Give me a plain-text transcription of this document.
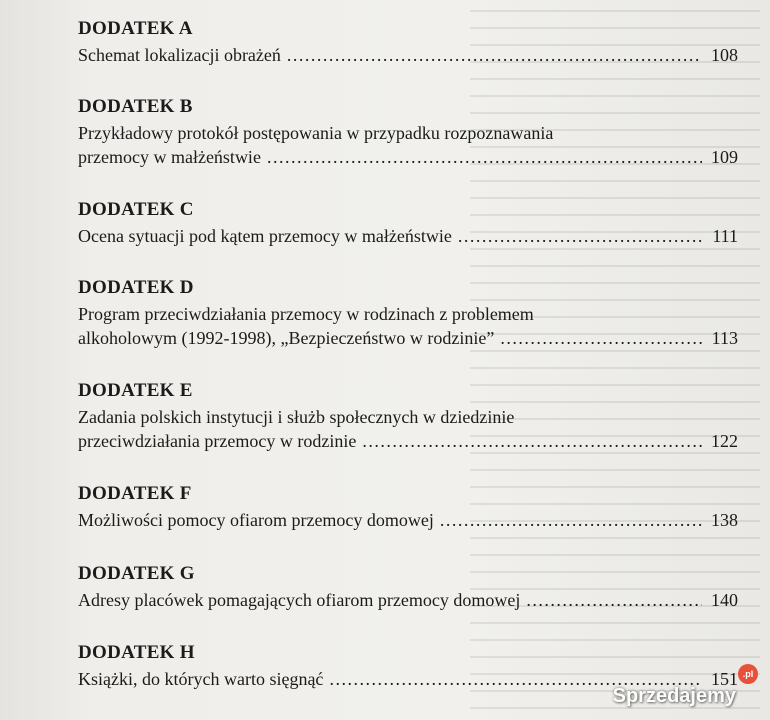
DODATEK A
Schemat lokalizacji obrażeń .....	108
DODATEK B
Przykładowy protokół postępowania w przypadku rozpoznawania
przemocy w małżeństwie .....	109
DODATEK C
Ocena sytuacji pod kątem przemocy w małżeństwie .....	111
DODATEK D
Program przeciwdziałania przemocy w rodzinach z problemem
alkoholowym (1992-1998), „Bezpieczeństwo w rodzinie” .....	113
DODATEK E
Zadania polskich instytucji i służb społecznych w dziedzinie
przeciwdziałania przemocy w rodzinie .....	122
DODATEK F
Możliwości pomocy ofiarom przemocy domowej .....	138
DODATEK G
Adresy placówek pomagających ofiarom przemocy domowej .....	140
DODATEK H
Książki, do których warto sięgnąć .....	151 .pl
Sprzedajemy
